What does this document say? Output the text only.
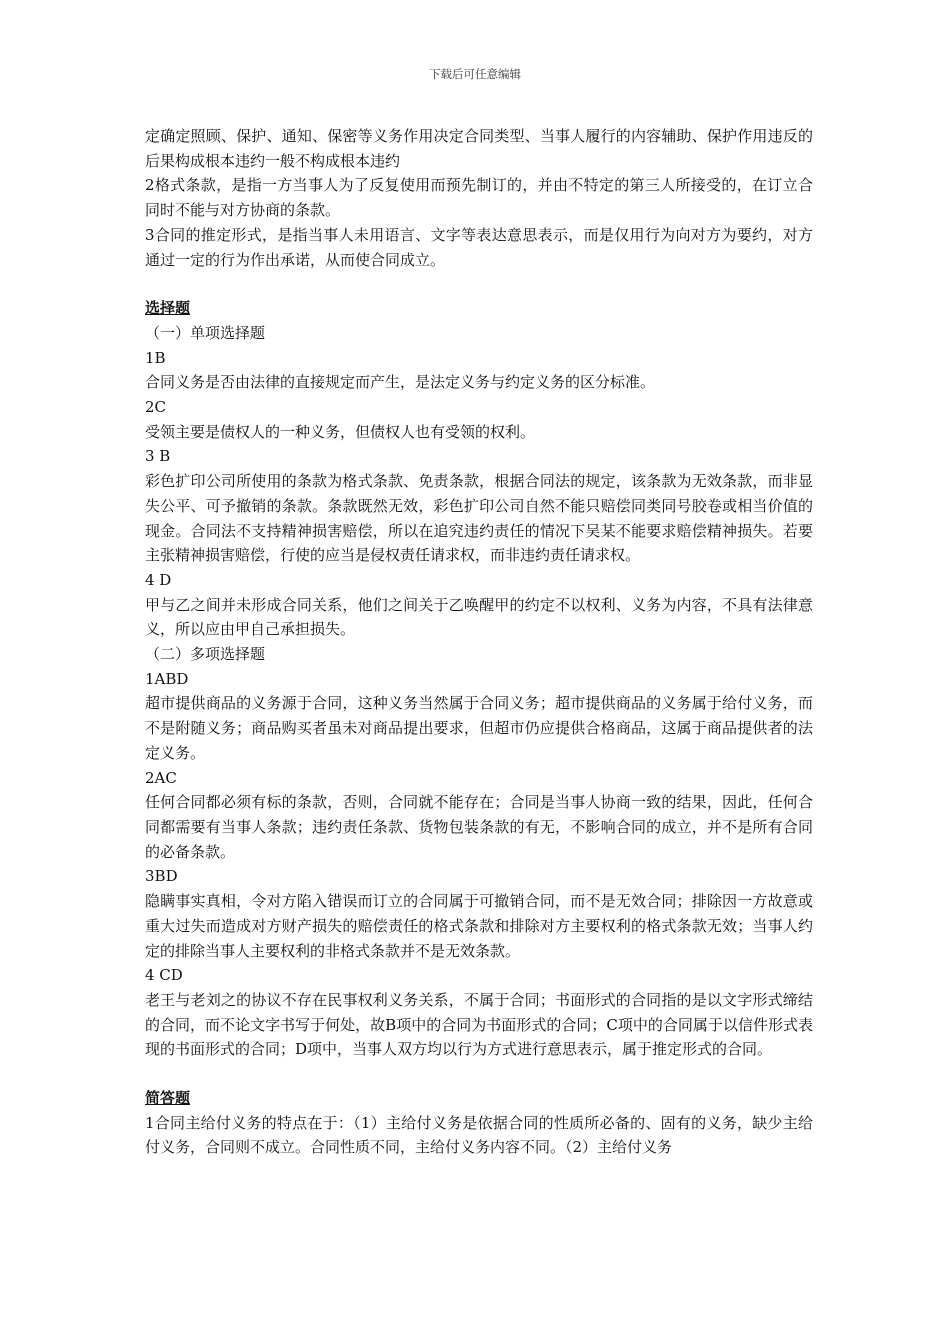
下载后可任意编辑

定确定照顾、保护、通知、保密等义务作用决定合同类型、当事人履行的内容辅助、保护作用违反的后果构成根本违约一般不构成根本违约

2格式条款，是指一方当事人为了反复使用而预先制订的，并由不特定的第三人所接受的，在订立合同时不能与对方协商的条款。

3合同的推定形式，是指当事人未用语言、文字等表达意思表示，而是仅用行为向对方为要约，对方通过一定的行为作出承诺，从而使合同成立。

选择题

（一）单项选择题

1B

合同义务是否由法律的直接规定而产生，是法定义务与约定义务的区分标准。

2C

受领主要是债权人的一种义务，但债权人也有受领的权利。

3 B

彩色扩印公司所使用的条款为格式条款、免责条款，根据合同法的规定，该条款为无效条款，而非显失公平、可予撤销的条款。条款既然无效，彩色扩印公司自然不能只赔偿同类同号胶卷或相当价值的现金。合同法不支持精神损害赔偿，所以在追究违约责任的情况下吴某不能要求赔偿精神损失。若要主张精神损害赔偿，行使的应当是侵权责任请求权，而非违约责任请求权。

4 D

甲与乙之间并未形成合同关系，他们之间关于乙唤醒甲的约定不以权利、义务为内容，不具有法律意义，所以应由甲自己承担损失。

（二）多项选择题

1ABD

超市提供商品的义务源于合同，这种义务当然属于合同义务；超市提供商品的义务属于给付义务，而不是附随义务；商品购买者虽未对商品提出要求，但超市仍应提供合格商品，这属于商品提供者的法定义务。

2AC

任何合同都必须有标的条款，否则，合同就不能存在；合同是当事人协商一致的结果，因此，任何合同都需要有当事人条款；违约责任条款、货物包装条款的有无，不影响合同的成立，并不是所有合同的必备条款。

3BD

隐瞒事实真相，令对方陷入错误而订立的合同属于可撤销合同，而不是无效合同；排除因一方故意或重大过失而造成对方财产损失的赔偿责任的格式条款和排除对方主要权利的格式条款无效；当事人约定的排除当事人主要权利的非格式条款并不是无效条款。

4 CD

老王与老刘之的协议不存在民事权利义务关系，不属于合同；书面形式的合同指的是以文字形式缔结的合同，而不论文字书写于何处，故B项中的合同为书面形式的合同；C项中的合同属于以信件形式表现的书面形式的合同；D项中，当事人双方均以行为方式进行意思表示，属于推定形式的合同。

简答题

1合同主给付义务的特点在于：（1）主给付义务是依据合同的性质所必备的、固有的义务，缺少主给付义务，合同则不成立。合同性质不同，主给付义务内容不同。（2）主给付义务
